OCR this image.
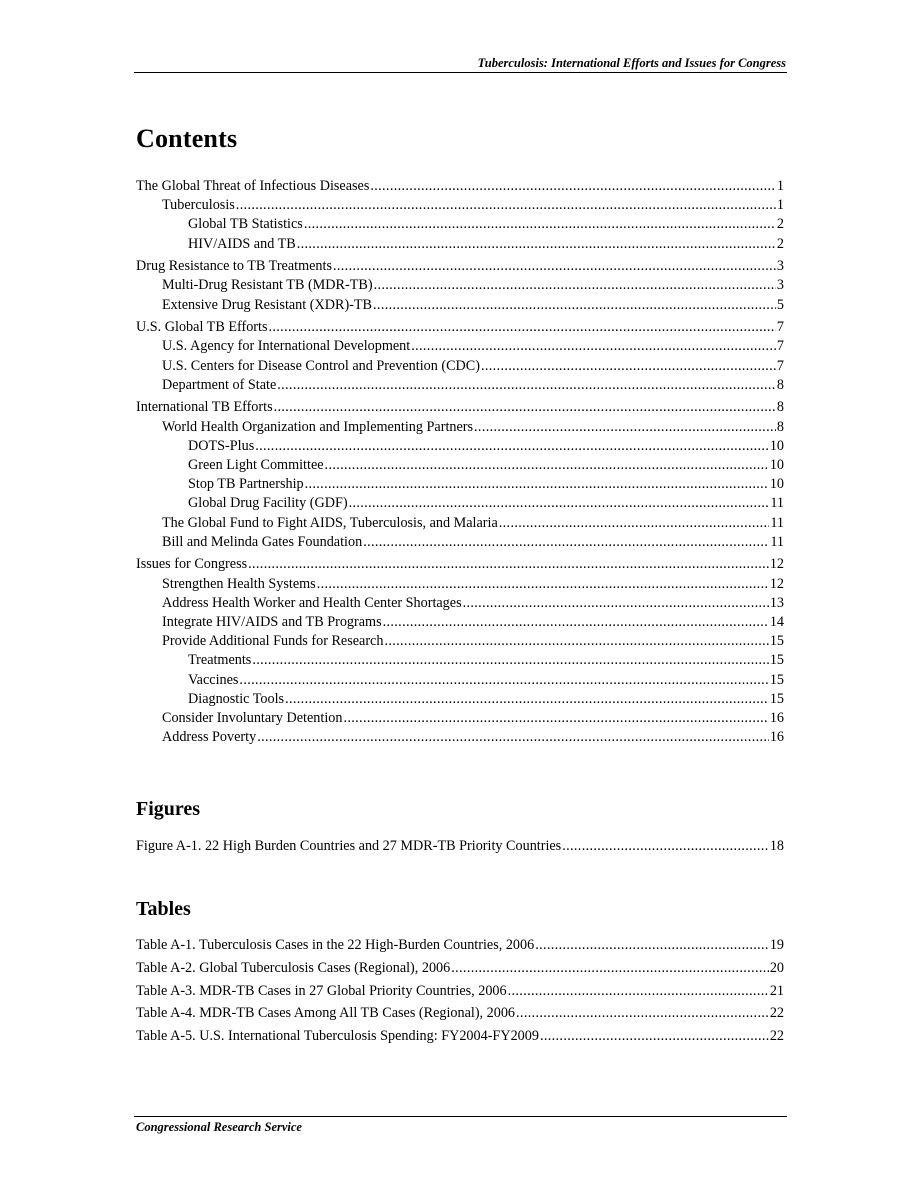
Tuberculosis: International Efforts and Issues for Congress
Contents
The Global Threat of Infectious Diseases . . .	1
Tuberculosis . . .	1
Global TB Statistics . . .	2
HIV/AIDS and TB . . .	2
Drug Resistance to TB Treatments . . .	3
Multi-Drug Resistant TB (MDR-TB) . . .	3
Extensive Drug Resistant (XDR)-TB . . .	5
U.S. Global TB Efforts . . .	7
U.S. Agency for International Development . . .	7
U.S. Centers for Disease Control and Prevention (CDC) . . .	7
Department of State . . .	8
International TB Efforts . . .	8
World Health Organization and Implementing Partners . . .	8
DOTS-Plus . . .	10
Green Light Committee . . .	10
Stop TB Partnership . . .	10
Global Drug Facility (GDF) . . .	11
The Global Fund to Fight AIDS, Tuberculosis, and Malaria . . .	11
Bill and Melinda Gates Foundation . . .	11
Issues for Congress . . .	12
Strengthen Health Systems . . .	12
Address Health Worker and Health Center Shortages . . .	13
Integrate HIV/AIDS and TB Programs . . .	14
Provide Additional Funds for Research . . .	15
Treatments . . .	15
Vaccines . . .	15
Diagnostic Tools . . .	15
Consider Involuntary Detention . . .	16
Address Poverty . . .	16
Figures
Figure A-1. 22 High Burden Countries and 27 MDR-TB Priority Countries . . .	18
Tables
Table A-1. Tuberculosis Cases in the 22 High-Burden Countries, 2006 . . .	19
Table A-2. Global Tuberculosis Cases (Regional), 2006 . . .	20
Table A-3. MDR-TB Cases in 27 Global Priority Countries, 2006 . . .	21
Table A-4. MDR-TB Cases Among All TB Cases (Regional), 2006 . . .	22
Table A-5. U.S. International Tuberculosis Spending: FY2004-FY2009 . . .	22
Congressional Research Service
